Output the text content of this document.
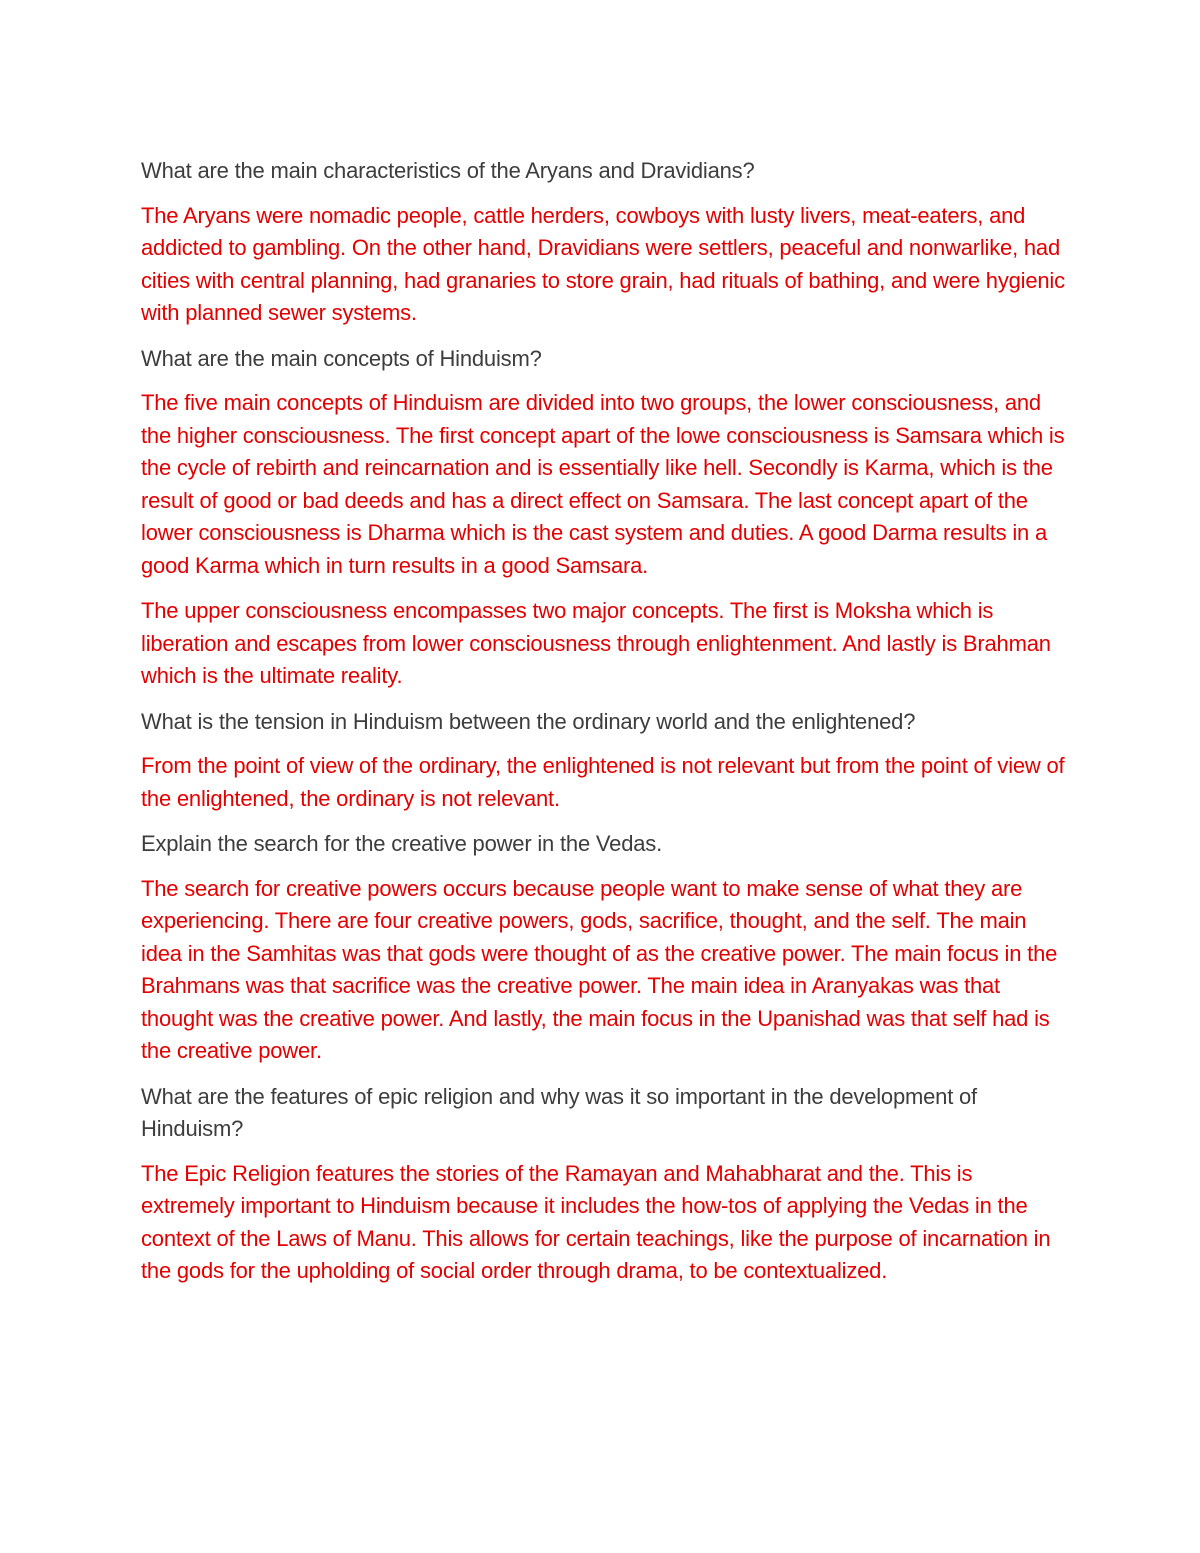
What are the main characteristics of the Aryans and Dravidians?

The Aryans were nomadic people, cattle herders, cowboys with lusty livers, meat-eaters, and addicted to gambling. On the other hand, Dravidians were settlers, peaceful and nonwarlike, had cities with central planning, had granaries to store grain, had rituals of bathing, and were hygienic with planned sewer systems.

What are the main concepts of Hinduism?

The five main concepts of Hinduism are divided into two groups, the lower consciousness, and the higher consciousness. The first concept apart of the lowe consciousness is Samsara which is the cycle of rebirth and reincarnation and is essentially like hell. Secondly is Karma, which is the result of good or bad deeds and has a direct effect on Samsara. The last concept apart of the lower consciousness is Dharma which is the cast system and duties. A good Darma results in a good Karma which in turn results in a good Samsara.

The upper consciousness encompasses two major concepts. The first is Moksha which is liberation and escapes from lower consciousness through enlightenment. And lastly is Brahman which is the ultimate reality.

What is the tension in Hinduism between the ordinary world and the enlightened?

From the point of view of the ordinary, the enlightened is not relevant but from the point of view of the enlightened, the ordinary is not relevant.

Explain the search for the creative power in the Vedas.

The search for creative powers occurs because people want to make sense of what they are experiencing. There are four creative powers, gods, sacrifice, thought, and the self. The main idea in the Samhitas was that gods were thought of as the creative power. The main focus in the Brahmans was that sacrifice was the creative power. The main idea in Aranyakas was that thought was the creative power. And lastly, the main focus in the Upanishad was that self had is the creative power.

What are the features of epic religion and why was it so important in the development of Hinduism?

The Epic Religion features the stories of the Ramayan and Mahabharat and the. This is extremely important to Hinduism because it includes the how-tos of applying the Vedas in the context of the Laws of Manu. This allows for certain teachings, like the purpose of incarnation in the gods for the upholding of social order through drama, to be contextualized.
